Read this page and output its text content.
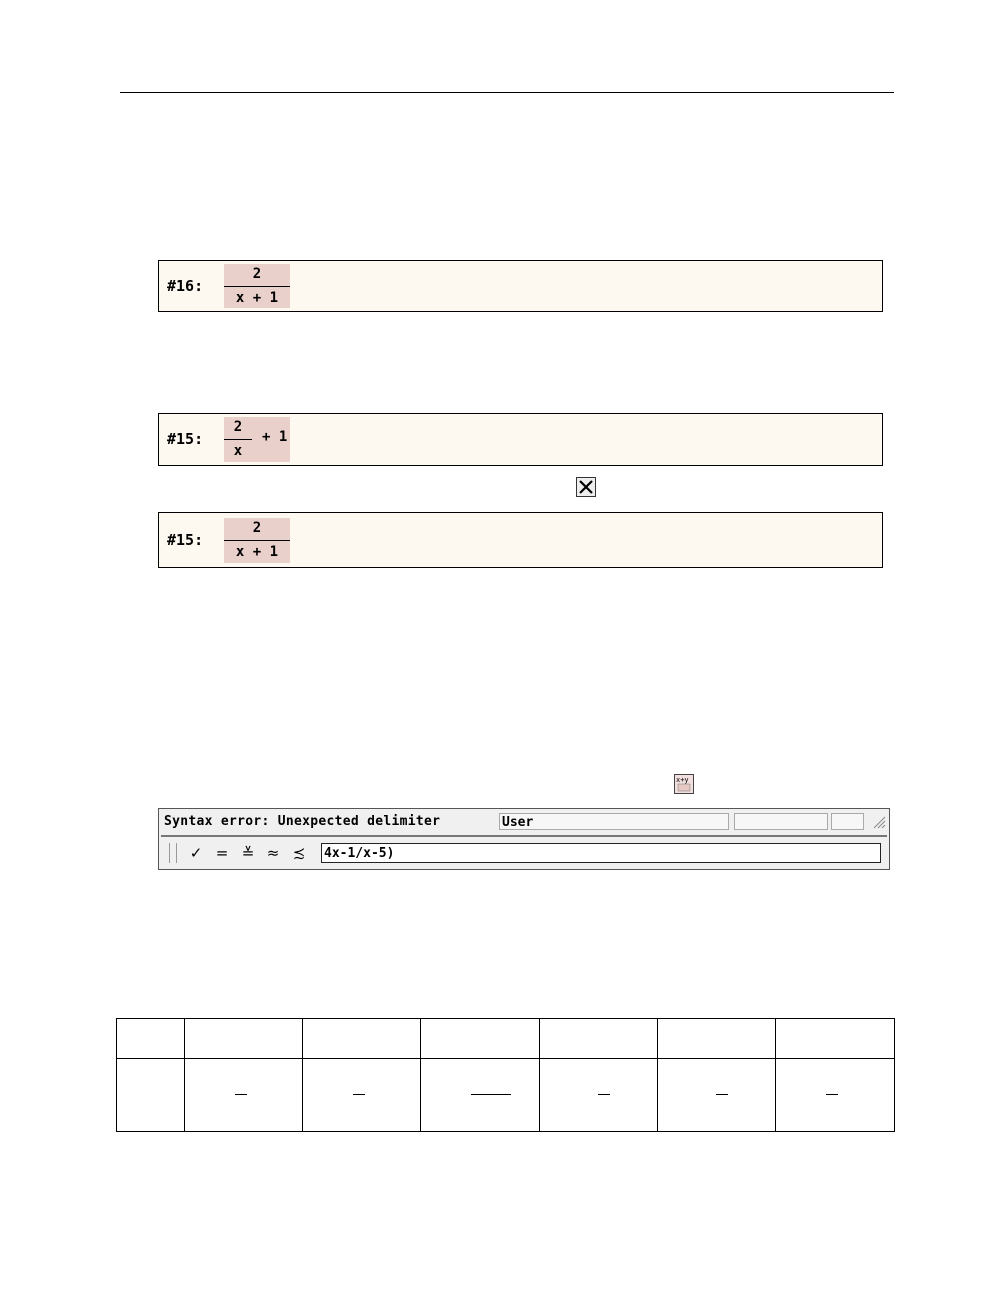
#16:
2
x + 1
#15:
2
x
+ 1
#15:
2
x + 1
x+y
Syntax error: Unexpected delimiter	User
✓ = ≚ ≈ ≾
4x-1/x-5)
